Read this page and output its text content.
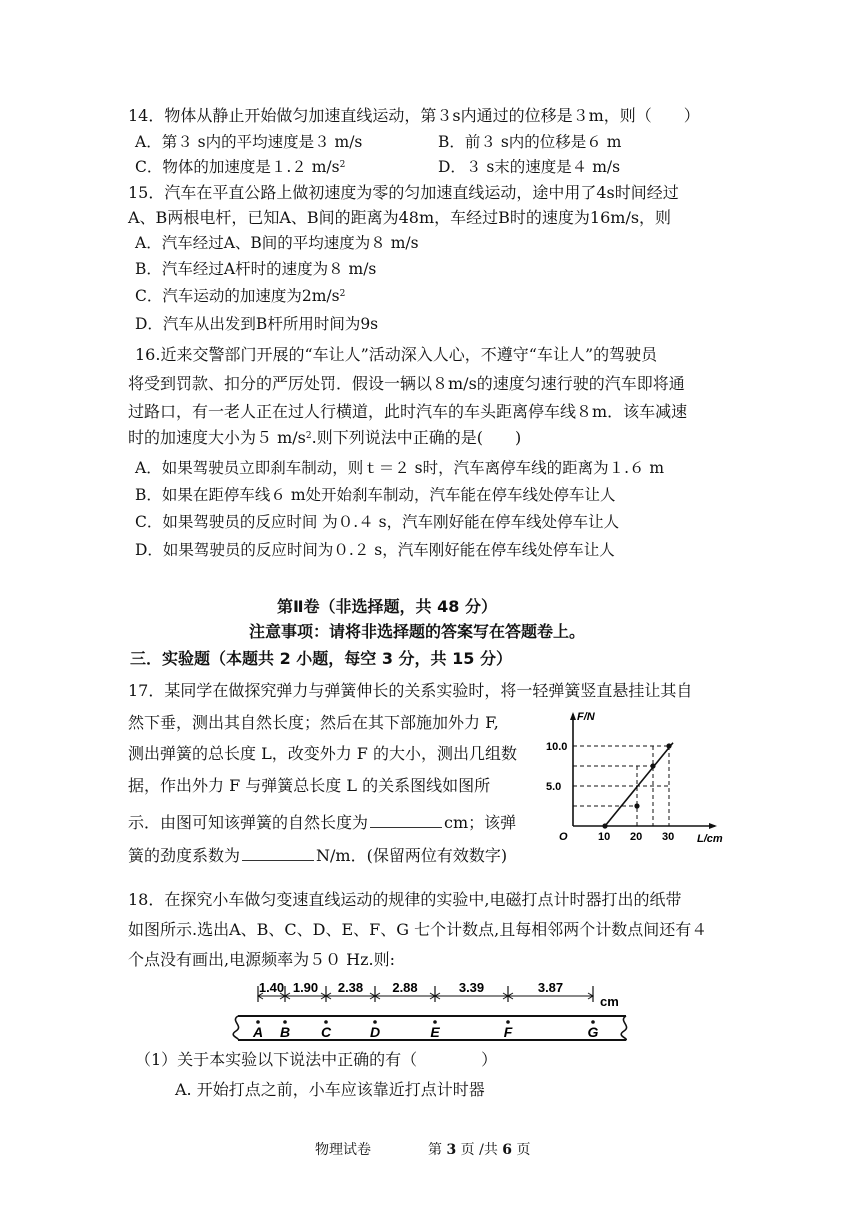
14．物体从静止开始做匀加速直线运动，第３s内通过的位移是３m，则（　　）
A．第３ s内的平均速度是３ m/s	B．前３ s内的位移是６ m
C．物体的加速度是１.２ $m/s^2$	D．３ s末的速度是４ m/s
15．汽车在平直公路上做初速度为零的匀加速直线运动，途中用了4s时间经过
A、B两根电杆，已知A、B间的距离为48m，车经过B时的速度为16m/s，则
A．汽车经过A、B间的平均速度为８ m/s
B．汽车经过A杆时的速度为８ m/s
C．汽车运动的加速度为$2m/s^2$
D．汽车从出发到B杆所用时间为9s
16.近来交警部门开展的“车让人”活动深入人心，不遵守“车让人”的驾驶员
将受到罚款、扣分的严厉处罚．假设一辆以８m/s的速度匀速行驶的汽车即将通
过路口，有一老人正在过人行横道，此时汽车的车头距离停车线８m．该车减速
时的加速度大小为５ $m/s^2$.则下列说法中正确的是(　　)
A．如果驾驶员立即刹车制动，则ｔ＝２ s时，汽车离停车线的距离为１.６ m
B．如果在距停车线６ m处开始刹车制动，汽车能在停车线处停车让人
C．如果驾驶员的反应时间 为０.４ s，汽车刚好能在停车线处停车让人
D．如果驾驶员的反应时间为０.２ s，汽车刚好能在停车线处停车让人
第Ⅱ卷（非选择题，共 48 分）
注意事项：请将非选择题的答案写在答题卷上。
三．实验题（本题共 2 小题，每空 3 分，共 15 分）
17．某同学在做探究弹力与弹簧伸长的关系实验时，将一轻弹簧竖直悬挂让其自
然下垂，测出其自然长度；然后在其下部施加外力 F,
测出弹簧的总长度 L，改变外力 F 的大小，测出几组数
据，作出外力 F 与弹簧总长度 L 的关系图线如图所
示．由图可知该弹簧的自然长度为	cm；该弹
簧的劲度系数为	N/m．(保留两位有效数字)
F/N
L/cm
O	10 20 30
5.0
10.0
18．在探究小车做匀变速直线运动的规律的实验中,电磁打点计时器打出的纸带
如图所示.选出A、B、C、D、E、F、G 七个计数点,且每相邻两个计数点间还有４
个点没有画出,电源频率为５０ Hz.则:
1.40 1.90 2.38 2.88	3.39	3.87
cm
A B C	D	E	F	G
（1）关于本实验以下说法中正确的有（　　　　）
A. 开始打点之前，小车应该靠近打点计时器
物理试卷	第 3 页 /共 6 页
